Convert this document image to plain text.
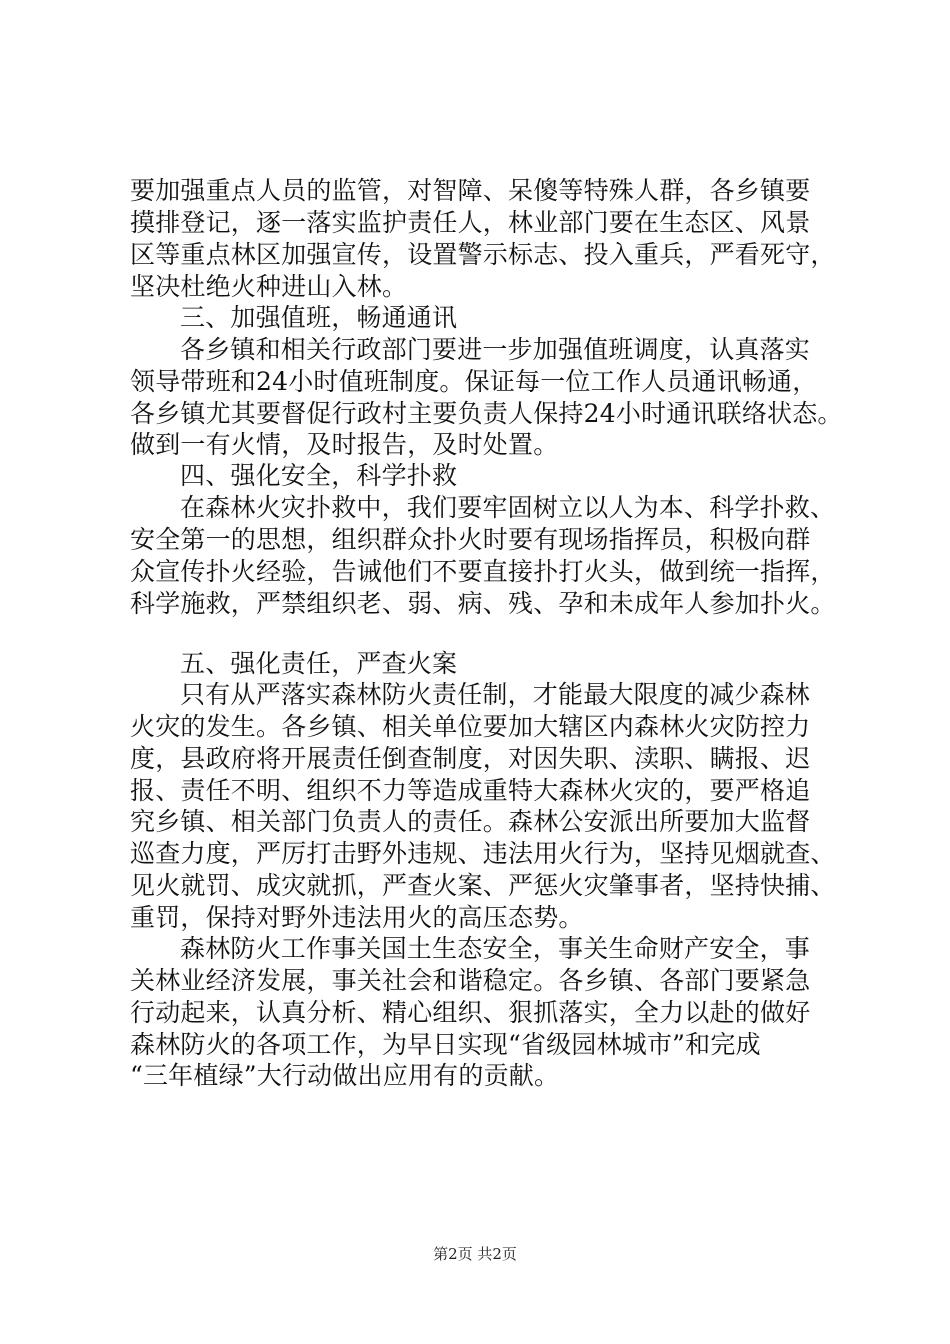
要加强重点人员的监管，对智障、呆傻等特殊人群，各乡镇要
摸排登记，逐一落实监护责任人，林业部门要在生态区、风景
区等重点林区加强宣传，设置警示标志、投入重兵，严看死守，
坚决杜绝火种进山入林。
三、加强值班，畅通通讯
各乡镇和相关行政部门要进一步加强值班调度，认真落实
领导带班和24小时值班制度。保证每一位工作人员通讯畅通，
各乡镇尤其要督促行政村主要负责人保持24小时通讯联络状态。
做到一有火情，及时报告，及时处置。
四、强化安全，科学扑救
在森林火灾扑救中，我们要牢固树立以人为本、科学扑救、
安全第一的思想，组织群众扑火时要有现场指挥员，积极向群
众宣传扑火经验，告诫他们不要直接扑打火头，做到统一指挥，
科学施救，严禁组织老、弱、病、残、孕和未成年人参加扑火。
五、强化责任，严查火案
只有从严落实森林防火责任制，才能最大限度的减少森林
火灾的发生。各乡镇、相关单位要加大辖区内森林火灾防控力
度，县政府将开展责任倒查制度，对因失职、渎职、瞒报、迟
报、责任不明、组织不力等造成重特大森林火灾的，要严格追
究乡镇、相关部门负责人的责任。森林公安派出所要加大监督
巡查力度，严厉打击野外违规、违法用火行为，坚持见烟就查、
见火就罚、成灾就抓，严查火案、严惩火灾肇事者，坚持快捕、
重罚，保持对野外违法用火的高压态势。
森林防火工作事关国土生态安全，事关生命财产安全，事
关林业经济发展，事关社会和谐稳定。各乡镇、各部门要紧急
行动起来，认真分析、精心组织、狠抓落实，全力以赴的做好
森林防火的各项工作，为早日实现“省级园林城市”和完成
“三年植绿”大行动做出应用有的贡献。
第2页 共2页
